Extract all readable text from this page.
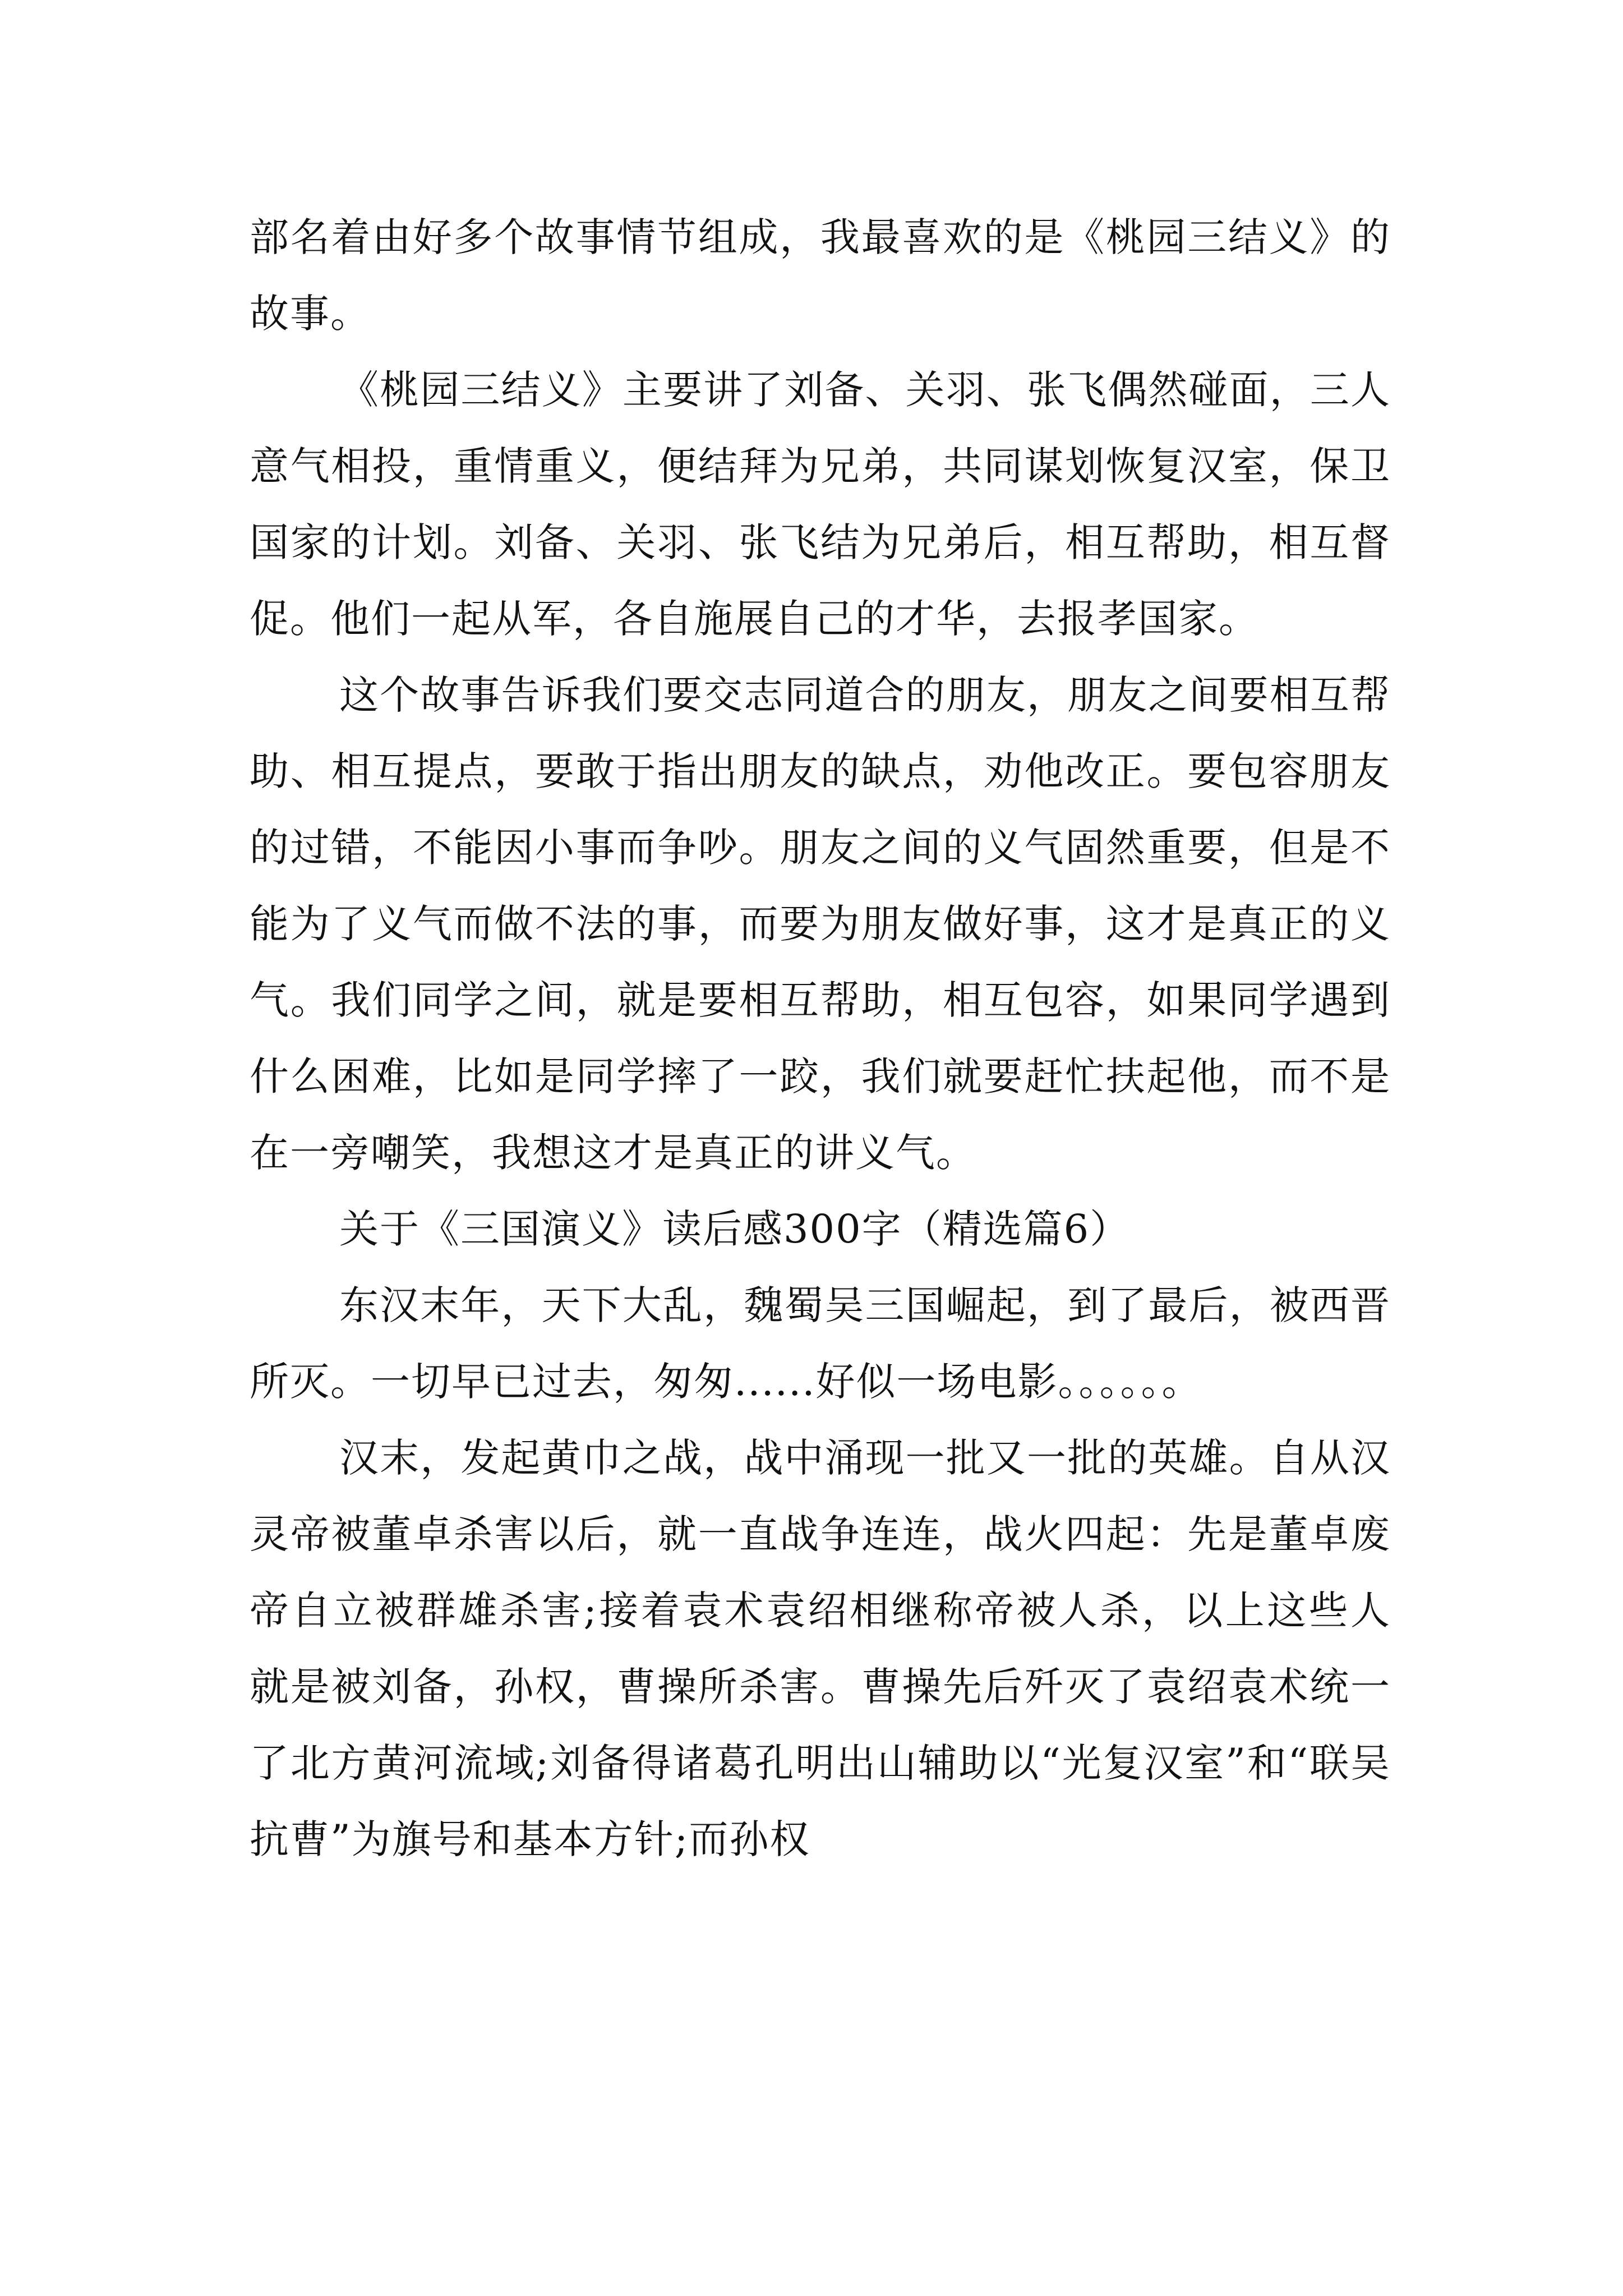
部名着由好多个故事情节组成，我最喜欢的是《桃园三结义》的故事。

《桃园三结义》主要讲了刘备、关羽、张飞偶然碰面，三人意气相投，重情重义，便结拜为兄弟，共同谋划恢复汉室，保卫国家的计划。刘备、关羽、张飞结为兄弟后，相互帮助，相互督促。他们一起从军，各自施展自己的才华，去报孝国家。

这个故事告诉我们要交志同道合的朋友，朋友之间要相互帮助、相互提点，要敢于指出朋友的缺点，劝他改正。要包容朋友的过错，不能因小事而争吵。朋友之间的义气固然重要，但是不能为了义气而做不法的事，而要为朋友做好事，这才是真正的义气。我们同学之间，就是要相互帮助，相互包容，如果同学遇到什么困难，比如是同学摔了一跤，我们就要赶忙扶起他，而不是在一旁嘲笑，我想这才是真正的讲义气。

关于《三国演义》读后感300字（精选篇6）

东汉末年，天下大乱，魏蜀吴三国崛起，到了最后，被西晋所灭。一切早已过去，匆匆......好似一场电影。。。。。。

汉末，发起黄巾之战，战中涌现一批又一批的英雄。自从汉灵帝被董卓杀害以后，就一直战争连连，战火四起：先是董卓废帝自立被群雄杀害;接着袁术袁绍相继称帝被人杀，以上这些人就是被刘备，孙权，曹操所杀害。曹操先后歼灭了袁绍袁术统一了北方黄河流域;刘备得诸葛孔明出山辅助以“光复汉室”和“联吴抗曹”为旗号和基本方针;而孙权
